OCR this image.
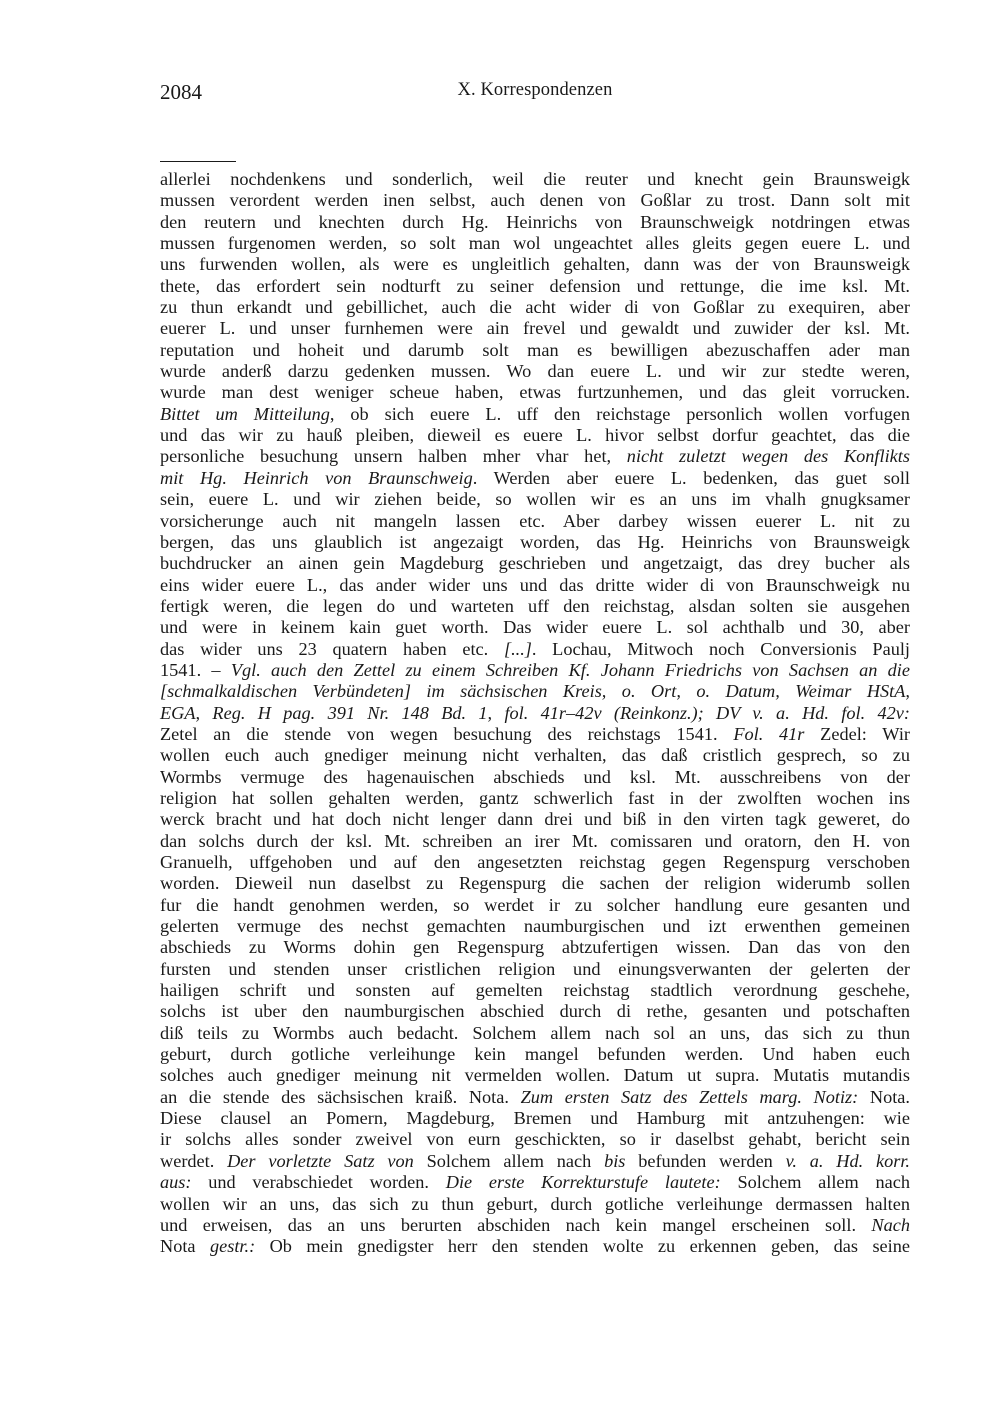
2084	X. Korrespondenzen
allerlei nochdenkens und sonderlich, weil die reuter und knecht gein Braunsweigk
mussen verordent werden inen selbst, auch denen von Goßlar zu trost. Dann solt mit
den reutern und knechten durch Hg. Heinrichs von Braunschweigk notdringen etwas
mussen furgenomen werden, so solt man wol ungeachtet alles gleits gegen euere L. und
uns furwenden wollen, als were es ungleitlich gehalten, dann was der von Braunsweigk
thete, das erfordert sein nodturft zu seiner defension und rettunge, die ime ksl. Mt.
zu thun erkandt und gebillichet, auch die acht wider di von Goßlar zu exequiren, aber
euerer L. und unser furnhemen were ain frevel und gewaldt und zuwider der ksl. Mt.
reputation und hoheit und darumb solt man es bewilligen abezuschaffen ader man
wurde anderß darzu gedenken mussen. Wo dan euere L. und wir zur stedte weren,
wurde man dest weniger scheue haben, etwas furtzunhemen, und das gleit vorrucken.
Bittet um Mitteilung, ob sich euere L. uff den reichstage personlich wollen vorfugen
und das wir zu hauß pleiben, dieweil es euere L. hivor selbst dorfur geachtet, das die
personliche besuchung unsern halben mher vhar het, nicht zuletzt wegen des Konflikts
mit Hg. Heinrich von Braunschweig. Werden aber euere L. bedenken, das guet soll
sein, euere L. und wir ziehen beide, so wollen wir es an uns im vhalh gnugksamer
vorsicherunge auch nit mangeln lassen etc. Aber darbey wissen euerer L. nit zu
bergen, das uns glaublich ist angezaigt worden, das Hg. Heinrichs von Braunsweigk
buchdrucker an ainen gein Magdeburg geschrieben und angetzaigt, das drey bucher als
eins wider euere L., das ander wider uns und das dritte wider di von Braunschweigk nu
fertigk weren, die legen do und warteten uff den reichstag, alsdan solten sie ausgehen
und were in keinem kain guet worth. Das wider euere L. sol achthalb und 30, aber
das wider uns 23 quatern haben etc. [...]. Lochau, Mitwoch noch Conversionis Paulj
1541. – Vgl. auch den Zettel zu einem Schreiben Kf. Johann Friedrichs von Sachsen an die
[schmalkaldischen Verbündeten] im sächsischen Kreis, o. Ort, o. Datum, Weimar HStA,
EGA, Reg. H pag. 391 Nr. 148 Bd. 1, fol. 41r–42v (Reinkonz.); DV v. a. Hd. fol. 42v:
Zetel an die stende von wegen besuchung des reichstags 1541. Fol. 41r Zedel: Wir
wollen euch auch gnediger meinung nicht verhalten, das daß cristlich gesprech, so zu
Wormbs vermuge des hagenauischen abschieds und ksl. Mt. ausschreibens von der
religion hat sollen gehalten werden, gantz schwerlich fast in der zwolften wochen ins
werck bracht und hat doch nicht lenger dann drei und biß in den virten tagk geweret, do
dan solchs durch der ksl. Mt. schreiben an irer Mt. comissaren und oratorn, den H. von
Granuelh, uffgehoben und auf den angesetzten reichstag gegen Regenspurg verschoben
worden. Dieweil nun daselbst zu Regenspurg die sachen der religion widerumb sollen
fur die handt genohmen werden, so werdet ir zu solcher handlung eure gesanten und
gelerten vermuge des nechst gemachten naumburgischen und izt erwenthen gemeinen
abschieds zu Worms dohin gen Regenspurg abtzufertigen wissen. Dan das von den
fursten und stenden unser cristlichen religion und einungsverwanten der gelerten der
hailigen schrift und sonsten auf gemelten reichstag stadtlich verordnung geschehe,
solchs ist uber den naumburgischen abschied durch di rethe, gesanten und potschaften
diß teils zu Wormbs auch bedacht. Solchem allem nach sol an uns, das sich zu thun
geburt, durch gotliche verleihunge kein mangel befunden werden. Und haben euch
solches auch gnediger meinung nit vermelden wollen. Datum ut supra. Mutatis mutandis
an die stende des sächsischen kraiß. Nota. Zum ersten Satz des Zettels marg. Notiz: Nota.
Diese clausel an Pomern, Magdeburg, Bremen und Hamburg mit antzuhengen: wie
ir solchs alles sonder zweivel von eurn geschickten, so ir daselbst gehabt, bericht sein
werdet. Der vorletzte Satz von Solchem allem nach bis befunden werden v. a. Hd. korr.
aus: und verabschiedet worden. Die erste Korrekturstufe lautete: Solchem allem nach
wollen wir an uns, das sich zu thun geburt, durch gotliche verleihunge dermassen halten
und erweisen, das an uns berurten abschiden nach kein mangel erscheinen soll. Nach
Nota gestr.: Ob mein gnedigster herr den stenden wolte zu erkennen geben, das seine
